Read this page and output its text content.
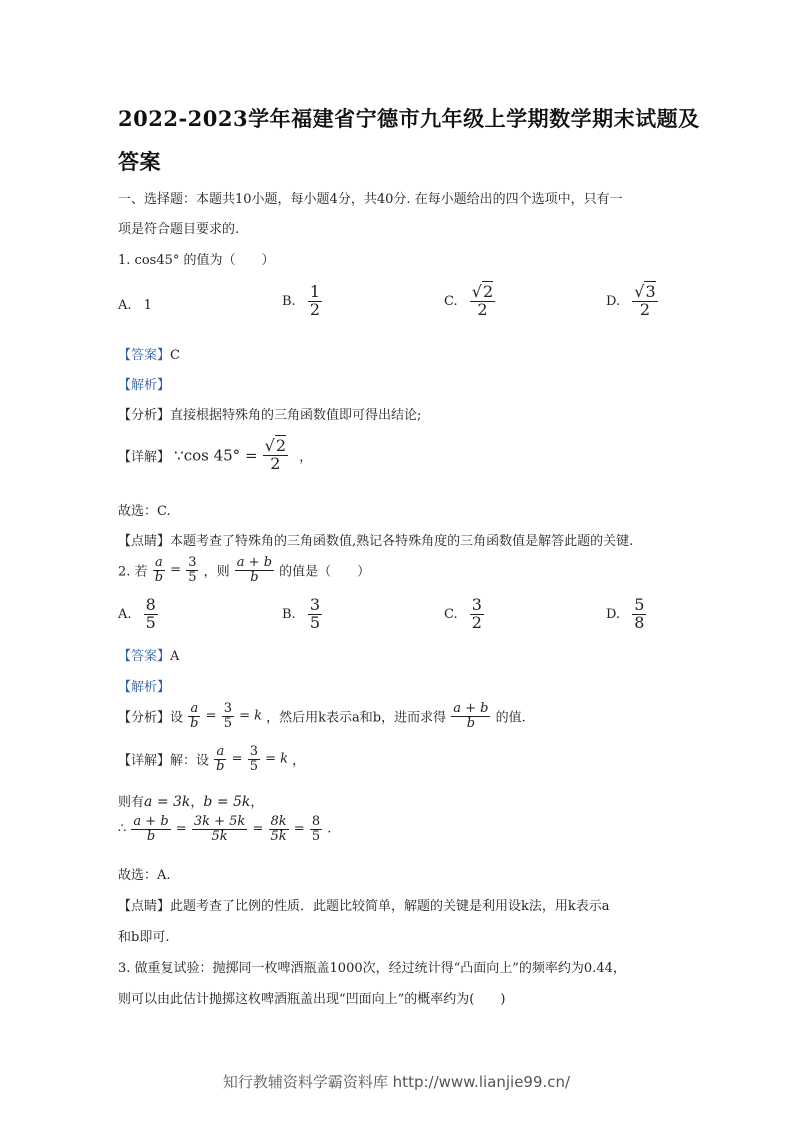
2022-2023学年福建省宁德市九年级上学期数学期末试题及
答案
一、选择题：本题共10小题，每小题4分，共40分. 在每小题给出的四个选项中，只有一
项是符合题目要求的.
1. cos45° 的值为（　　）
A. 1	B. $\frac{1}{2}$	C. $\frac{√2}{2}$	D. $\frac{√3}{2}$
【答案】C
【解析】
【分析】直接根据特殊角的三角函数值即可得出结论;
【详解】 ∵cos $45^\circ = \frac{√2}{2}$ ，
故选：C.
【点睛】本题考查了特殊角的三角函数值,熟记各特殊角度的三角函数值是解答此题的关键.
2. 若 $\frac{a}{b} = \frac{3}{5}$ ，则 $\frac{a + b}{b}$ 的值是（　　）
A. $\frac{8}{5}$	B. $\frac{3}{5}$	C. $\frac{3}{2}$	D. $\frac{5}{8}$
【答案】A
【解析】
【分析】设 $\frac{a}{b} = \frac{3}{5} = k$ ，然后用k表示a和b，进而求得 $\frac{a + b}{b}$ 的值.
【详解】解：设 $\frac{a}{b} = \frac{3}{5} = k$ ，
则有a = 3k，b = 5k，
∴ $\frac{a + b}{b} = \frac{3k + 5k}{5k} = \frac{8k}{5k} = \frac{8}{5}$ .
故选：A.
【点睛】此题考查了比例的性质．此题比较简单，解题的关键是利用设k法，用k表示a
和b即可.
3. 做重复试验：抛掷同一枚啤酒瓶盖1000次，经过统计得“凸面向上”的频率约为0.44，
则可以由此估计抛掷这枚啤酒瓶盖出现“凹面向上”的概率约为(　　)
知行教辅资料学霸资料库 http://www.lianjie99.cn/
